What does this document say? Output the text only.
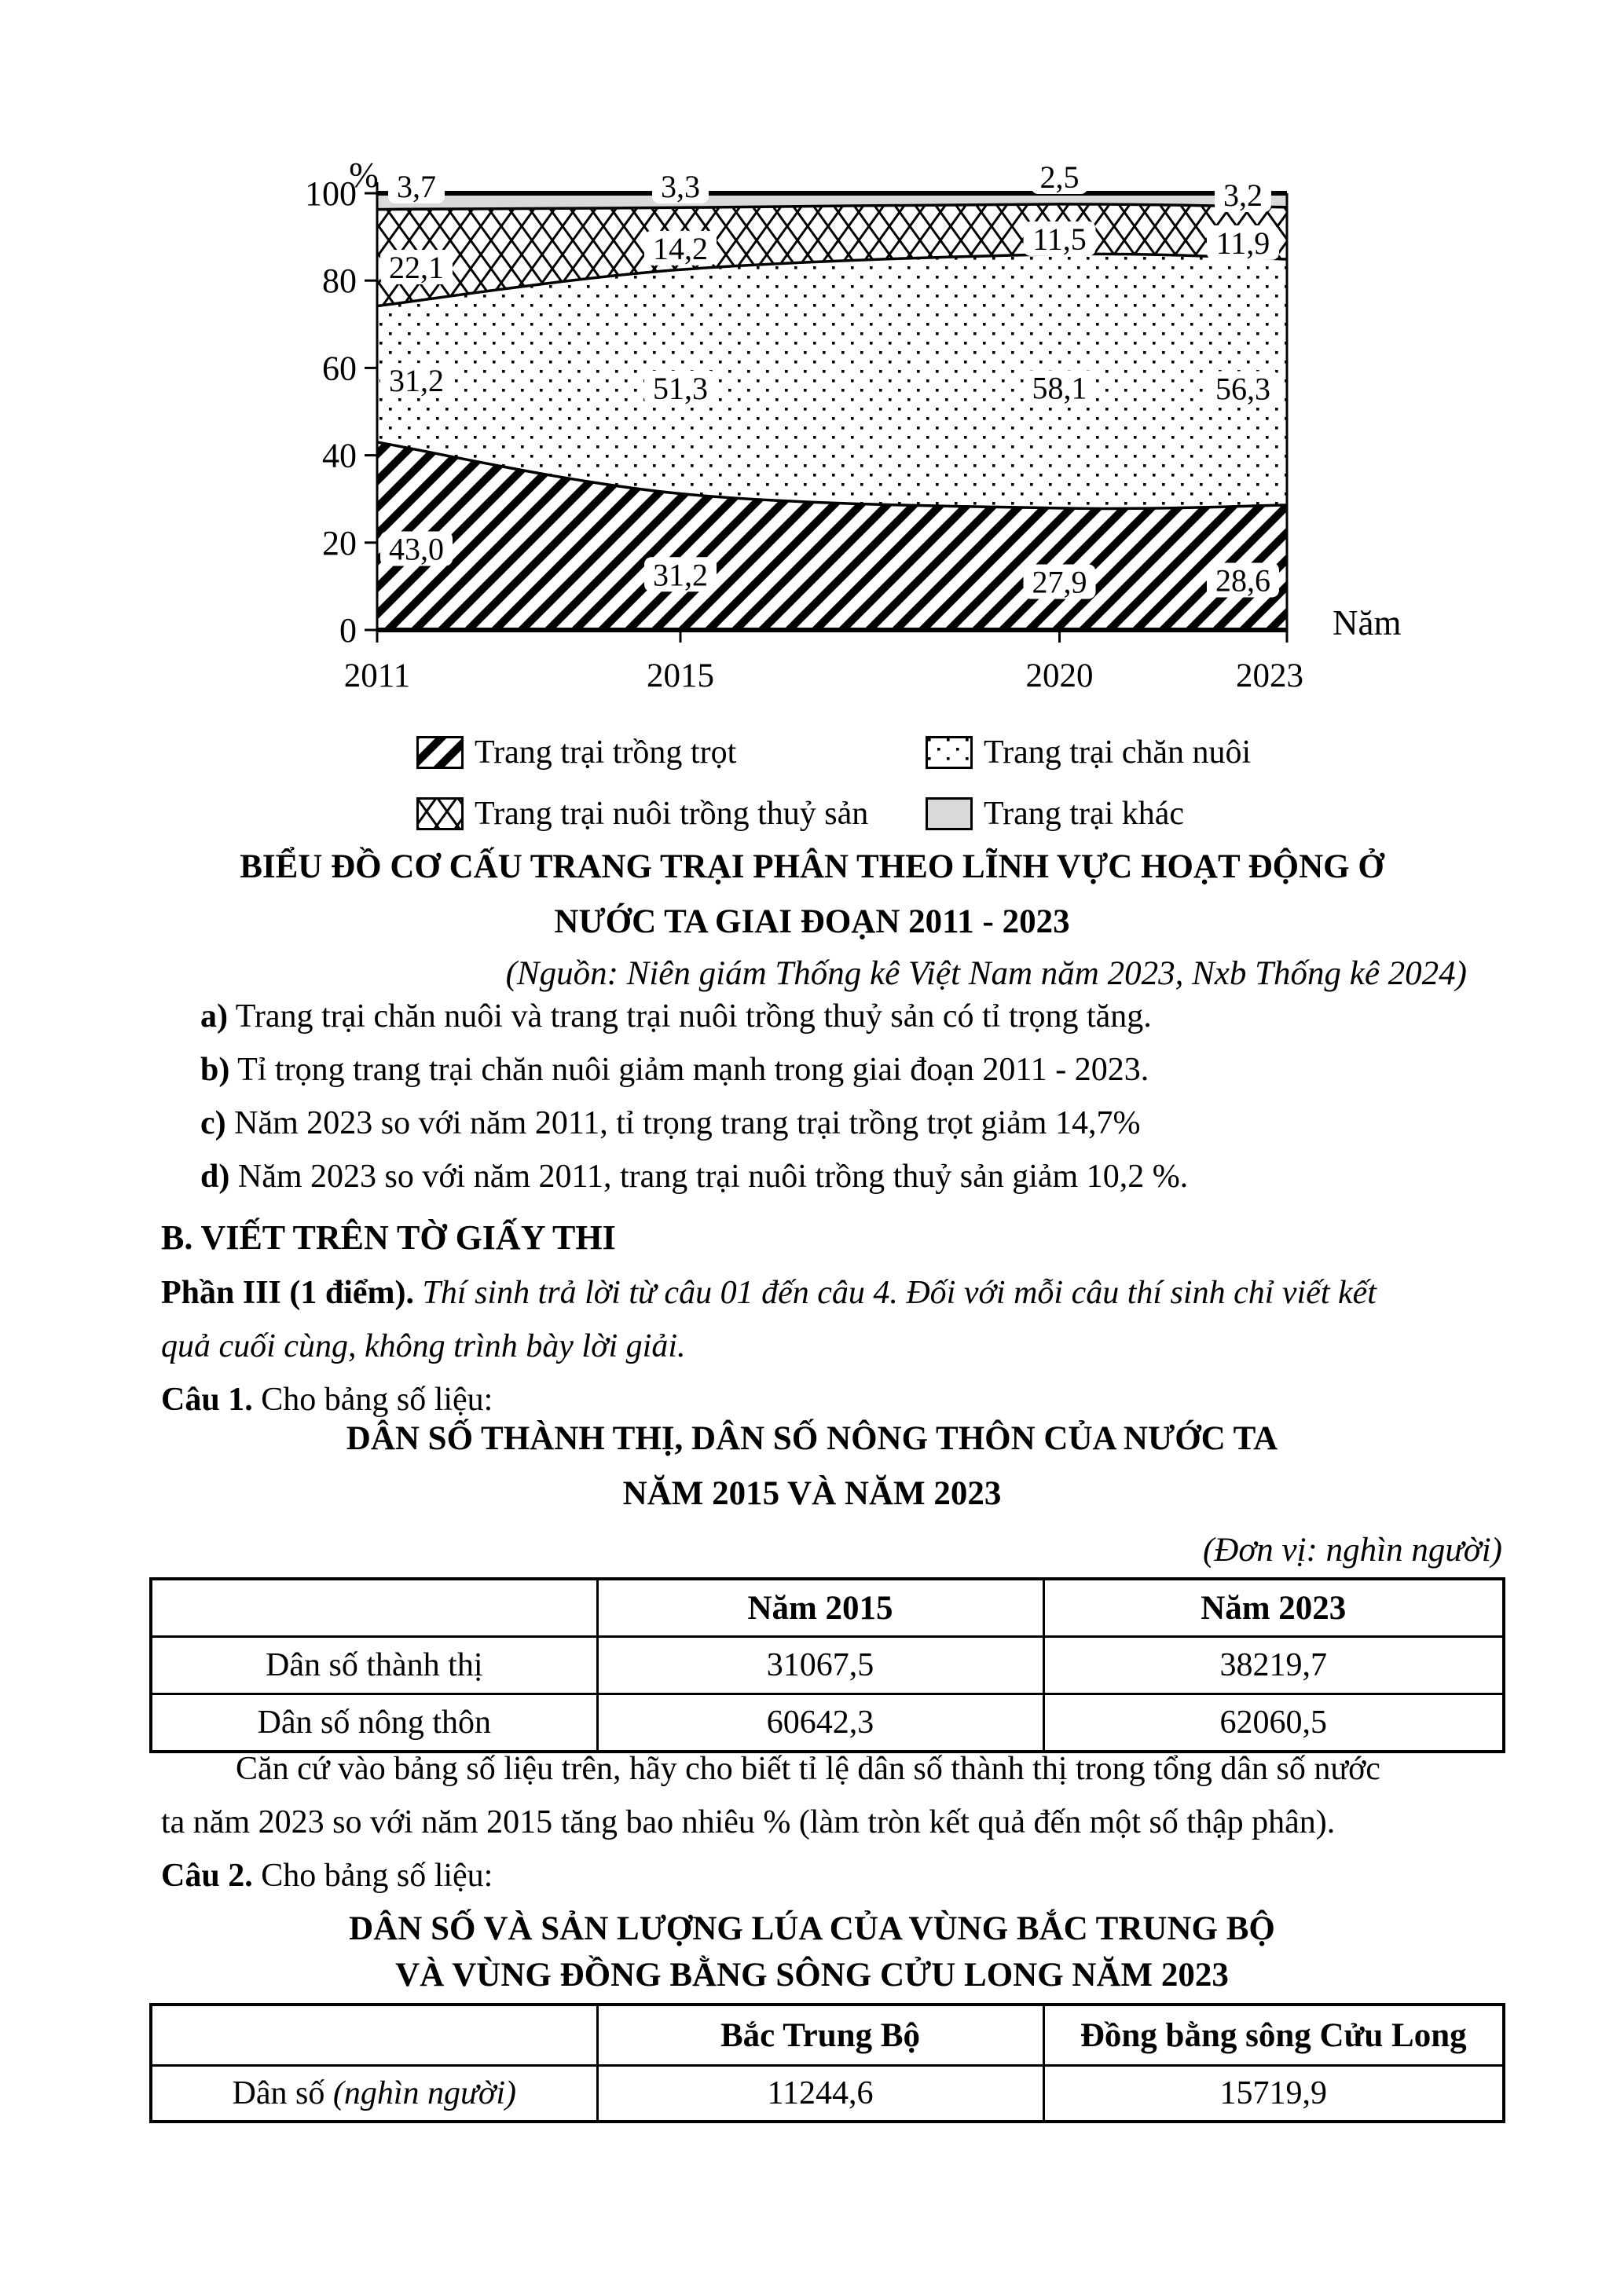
0
20
40
60
80
100
2011	2015	2020	2023
%
Năm
43,0
31,2	27,9	28,6
31,2	51,3	58,1	56,3
22,1
14,2	11,5	11,9
3,7	3,3	2,5
3,2
Trang trại trồng trọt	Trang trại chăn nuôi
Trang trại nuôi trồng thuỷ sản	Trang trại khác
BIỂU ĐỒ CƠ CẤU TRANG TRẠI PHÂN THEO LĨNH VỰC HOẠT ĐỘNG Ở
NƯỚC TA GIAI ĐOẠN 2011 - 2023
(Nguồn: Niên giám Thống kê Việt Nam năm 2023, Nxb Thống kê 2024)
a) Trang trại chăn nuôi và trang trại nuôi trồng thuỷ sản có tỉ trọng tăng.
b) Tỉ trọng trang trại chăn nuôi giảm mạnh trong giai đoạn 2011 - 2023.
c) Năm 2023 so với năm 2011, tỉ trọng trang trại trồng trọt giảm 14,7%
d) Năm 2023 so với năm 2011, trang trại nuôi trồng thuỷ sản giảm 10,2 %.
B. VIẾT TRÊN TỜ GIẤY THI
Phần III (1 điểm). Thí sinh trả lời từ câu 01 đến câu 4. Đối với mỗi câu thí sinh chỉ viết kết
quả cuối cùng, không trình bày lời giải.
Câu 1. Cho bảng số liệu:
DÂN SỐ THÀNH THỊ, DÂN SỐ NÔNG THÔN CỦA NƯỚC TA
NĂM 2015 VÀ NĂM 2023
(Đơn vị: nghìn người)
	Năm 2015	Năm 2023
Dân số thành thị	31067,5	38219,7
Dân số nông thôn	60642,3	62060,5
Căn cứ vào bảng số liệu trên, hãy cho biết tỉ lệ dân số thành thị trong tổng dân số nước
ta năm 2023 so với năm 2015 tăng bao nhiêu % (làm tròn kết quả đến một số thập phân).
Câu 2. Cho bảng số liệu:
DÂN SỐ VÀ SẢN LƯỢNG LÚA CỦA VÙNG BẮC TRUNG BỘ
VÀ VÙNG ĐỒNG BẰNG SÔNG CỬU LONG NĂM 2023
	Bắc Trung Bộ	Đồng bằng sông Cửu Long
Dân số (nghìn người)	11244,6	15719,9
